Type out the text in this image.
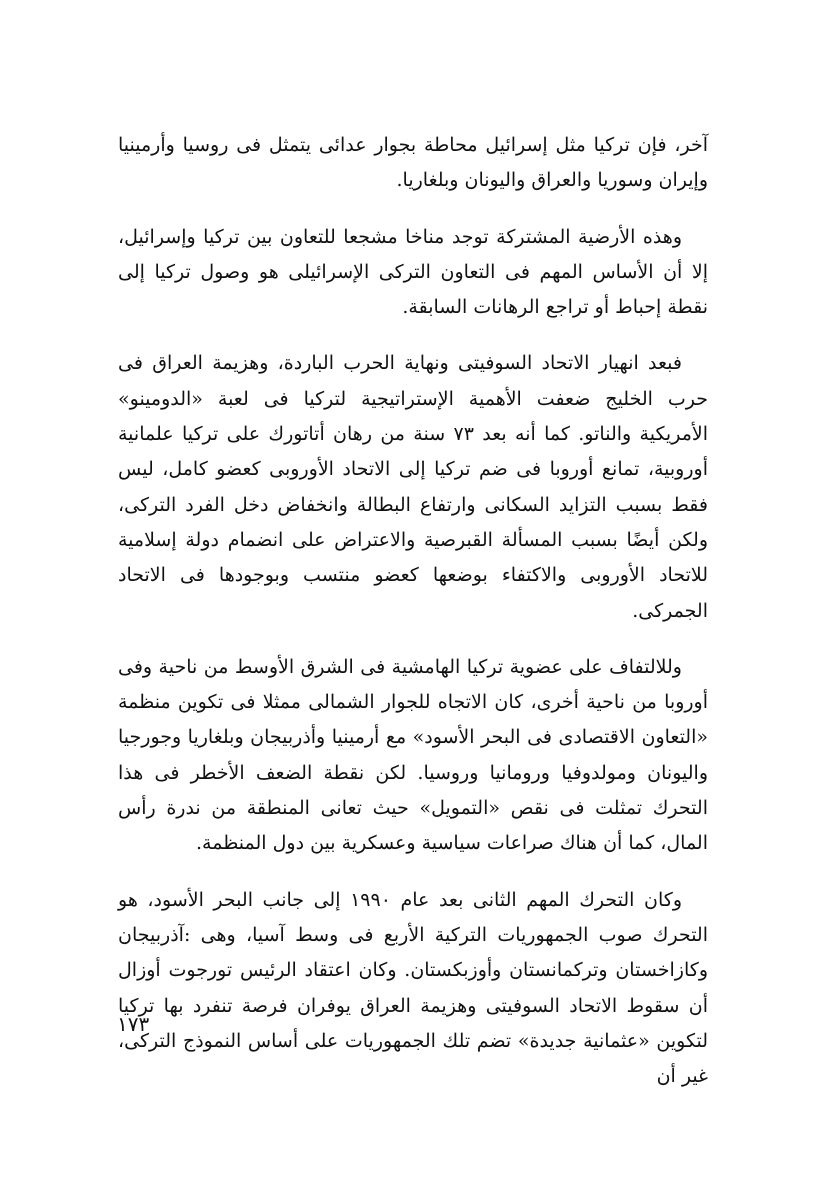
آخر، فإن تركيا مثل إسرائيل محاطة بجوار عدائى يتمثل فى روسيا وأرمينيا وإيران وسوريا والعراق واليونان وبلغاريا.

وهذه الأرضية المشتركة توجد مناخا مشجعا للتعاون بين تركيا وإسرائيل، إلا أن الأساس المهم فى التعاون التركى الإسرائيلى هو وصول تركيا إلى نقطة إحباط أو تراجع الرهانات السابقة.

فبعد انهيار الاتحاد السوفيتى ونهاية الحرب الباردة، وهزيمة العراق فى حرب الخليج ضعفت الأهمية الإستراتيجية لتركيا فى لعبة «الدومينو» الأمريكية والناتو. كما أنه بعد ٧٣ سنة من رهان أتاتورك على تركيا علمانية أوروبية، تمانع أوروبا فى ضم تركيا إلى الاتحاد الأوروبى كعضو كامل، ليس فقط بسبب التزايد السكانى وارتفاع البطالة وانخفاض دخل الفرد التركى، ولكن أيضًا بسبب المسألة القبرصية والاعتراض على انضمام دولة إسلامية للاتحاد الأوروبى والاكتفاء بوضعها كعضو منتسب وبوجودها فى الاتحاد الجمركى.

وللالتفاف على عضوية تركيا الهامشية فى الشرق الأوسط من ناحية وفى أوروبا من ناحية أخرى، كان الاتجاه للجوار الشمالى ممثلا فى تكوين منظمة «التعاون الاقتصادى فى البحر الأسود» مع أرمينيا وأذربيجان وبلغاريا وجورجيا واليونان ومولدوفيا ورومانيا وروسيا. لكن نقطة الضعف الأخطر فى هذا التحرك تمثلت فى نقص «التمويل» حيث تعانى المنطقة من ندرة رأس المال، كما أن هناك صراعات سياسية وعسكرية بين دول المنظمة.

وكان التحرك المهم الثانى بعد عام ١٩٩٠ إلى جانب البحر الأسود، هو التحرك صوب الجمهوريات التركية الأربع فى وسط آسيا، وهى :آذربيجان وكازاخستان وتركمانستان وأوزبكستان. وكان اعتقاد الرئيس تورجوت أوزال أن سقوط الاتحاد السوفيتى وهزيمة العراق يوفران فرصة تنفرد بها تركيا لتكوين «عثمانية جديدة» تضم تلك الجمهوريات على أساس النموذج التركى، غير أن

١٧٣
